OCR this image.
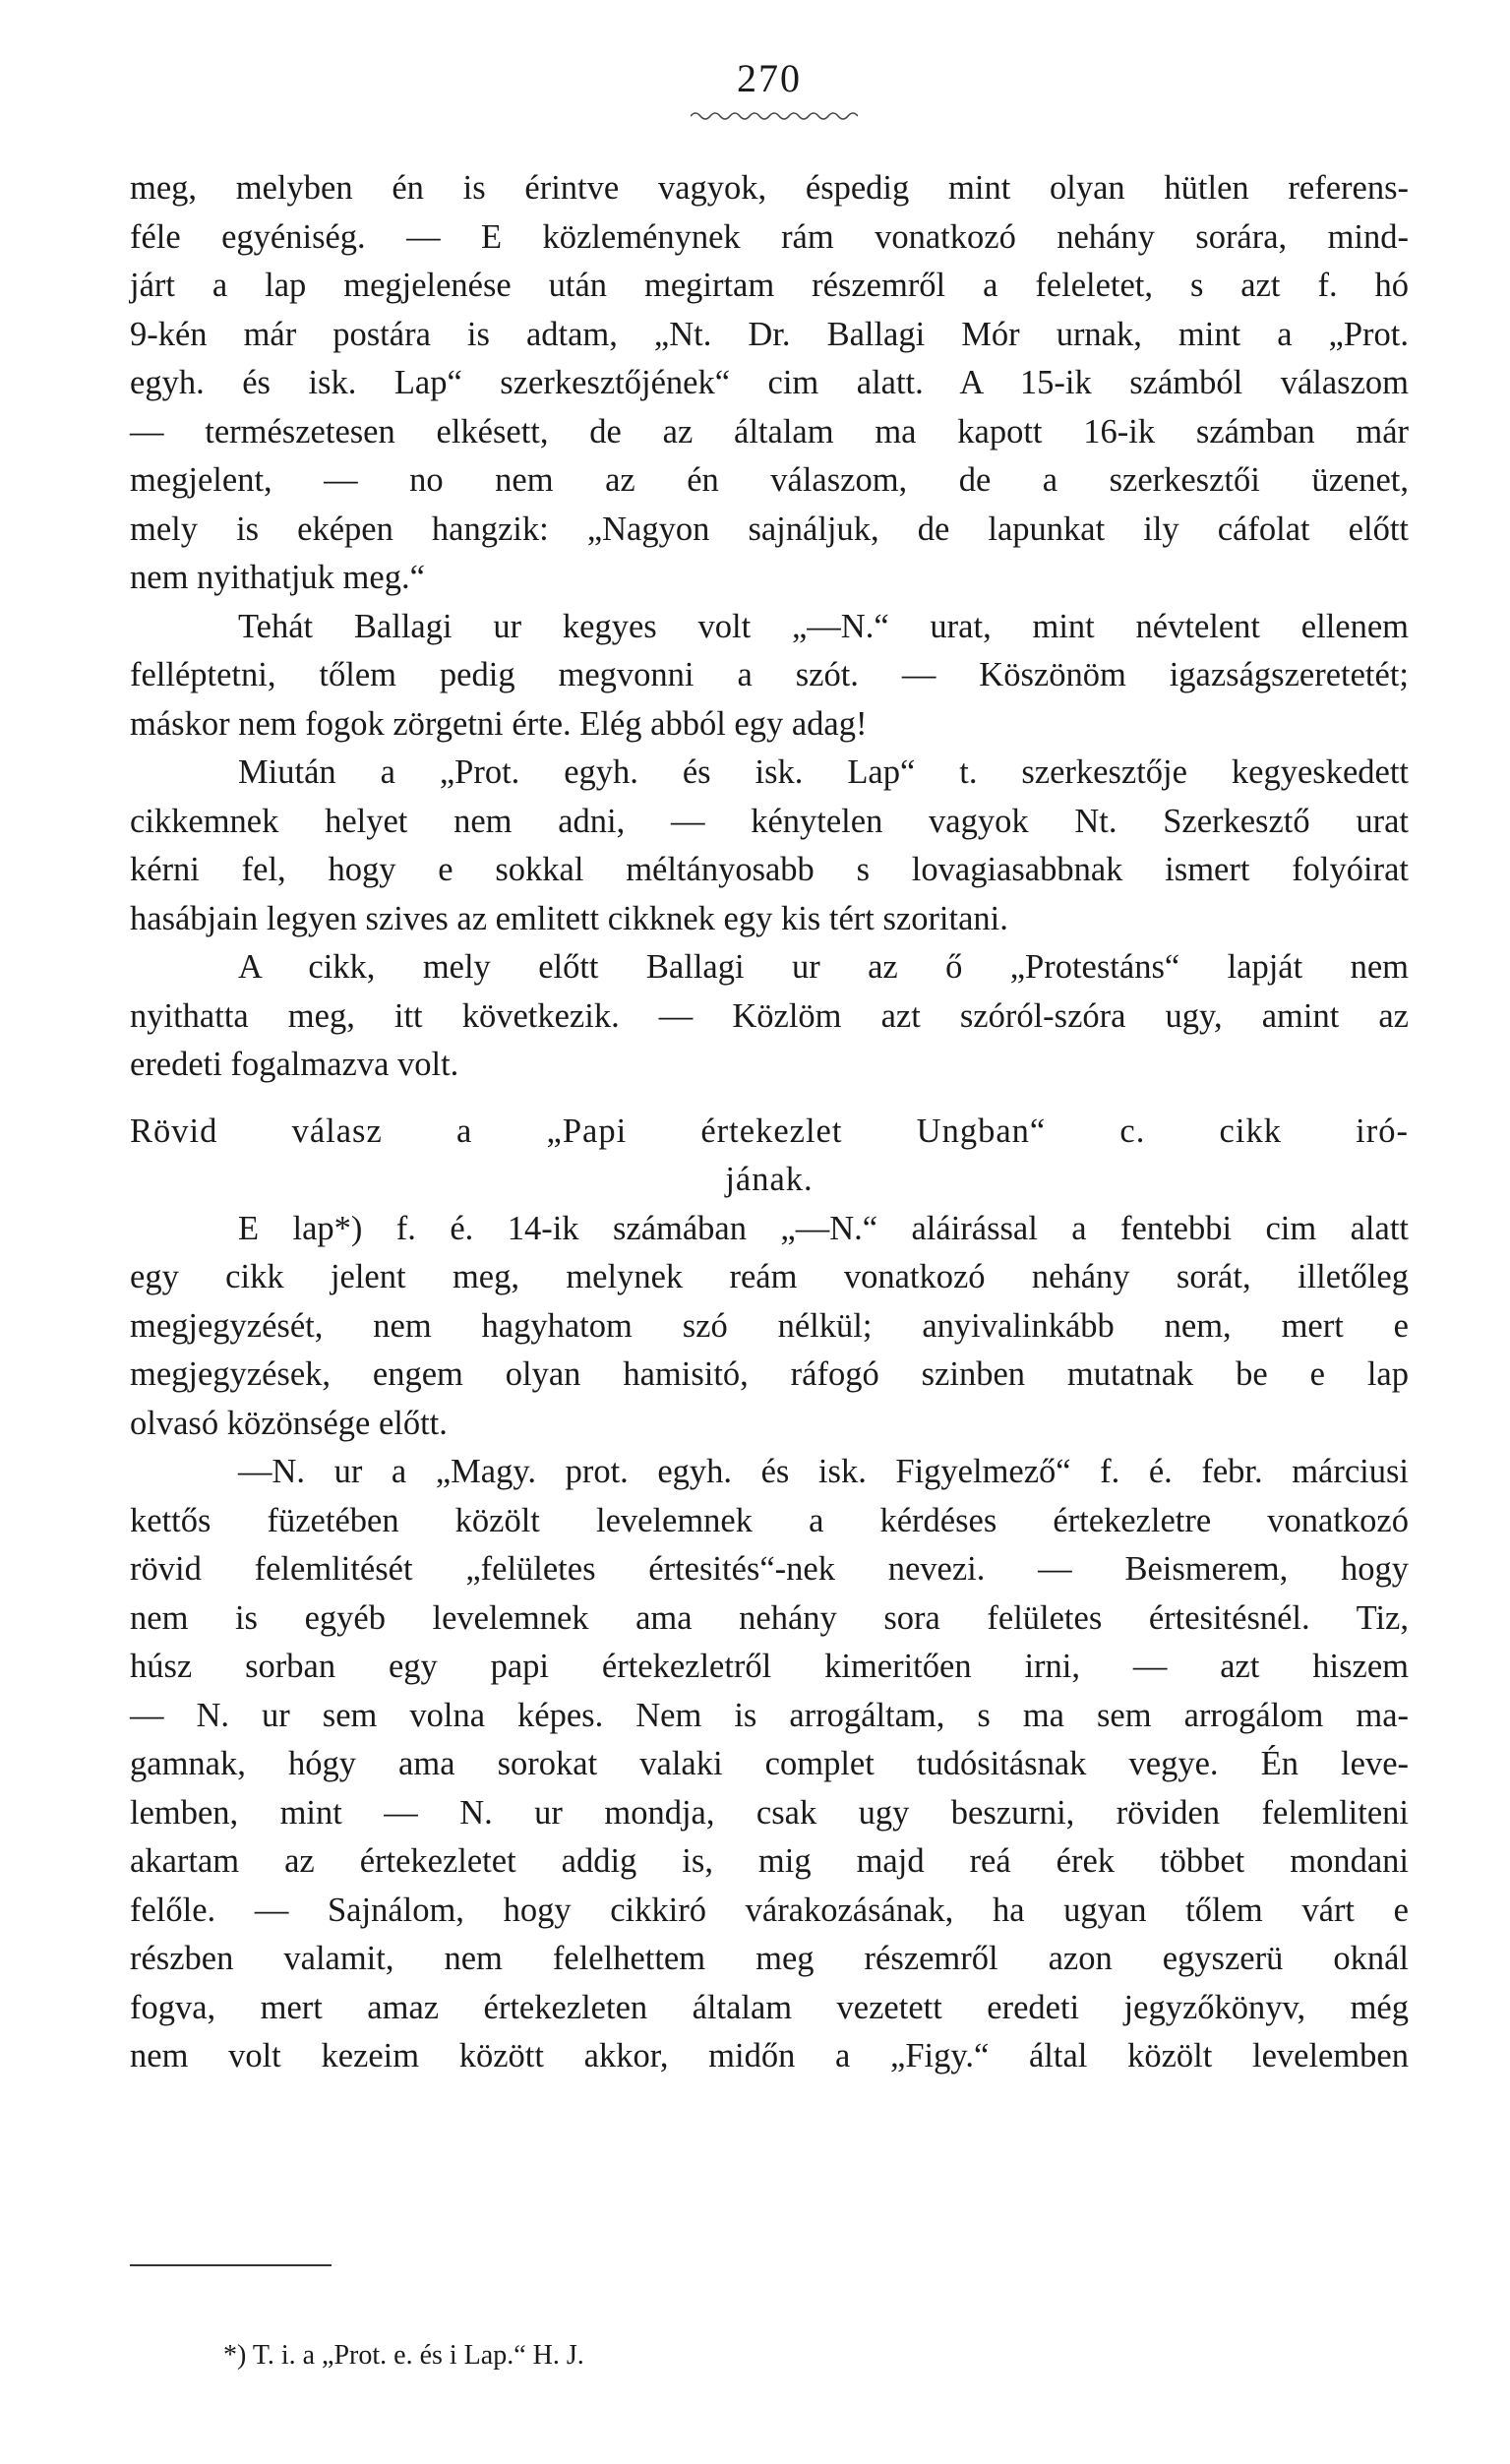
270
meg, melyben én is érintve vagyok, éspedig mint olyan hütlen referens-
féle egyéniség. — E közleménynek rám vonatkozó nehány sorára, mind-
járt a lap megjelenése után megirtam részemről a feleletet, s azt f. hó
9-kén már postára is adtam, „Nt. Dr. Ballagi Mór urnak, mint a „Prot.
egyh. és isk. Lap“ szerkesztőjének“ cim alatt. A 15-ik számból válaszom
— természetesen elkésett, de az általam ma kapott 16-ik számban már
megjelent, — no nem az én válaszom, de a szerkesztői üzenet,
mely is eképen hangzik: „Nagyon sajnáljuk, de lapunkat ily cáfolat előtt
nem nyithatjuk meg.“
Tehát Ballagi ur kegyes volt „—N.“ urat, mint névtelent ellenem
felléptetni, tőlem pedig megvonni a szót. — Köszönöm igazságszeretetét;
máskor nem fogok zörgetni érte. Elég abból egy adag!
Miután a „Prot. egyh. és isk. Lap“ t. szerkesztője kegyeskedett
cikkemnek helyet nem adni, — kénytelen vagyok Nt. Szerkesztő urat
kérni fel, hogy e sokkal méltányosabb s lovagiasabbnak ismert folyóirat
hasábjain legyen szives az emlitett cikknek egy kis tért szoritani.
A cikk, mely előtt Ballagi ur az ő „Protestáns“ lapját nem
nyithatta meg, itt következik. — Közlöm azt szóról-szóra ugy, amint az
eredeti fogalmazva volt.
Rövid válasz a „Papi értekezlet Ungban“ c. cikk iró-
jának.
E lap*) f. é. 14-ik számában „—N.“ aláirással a fentebbi cim alatt
egy cikk jelent meg, melynek reám vonatkozó nehány sorát, illetőleg
megjegyzését, nem hagyhatom szó nélkül; anyivalinkább nem, mert e
megjegyzések, engem olyan hamisitó, ráfogó szinben mutatnak be e lap
olvasó közönsége előtt.
—N. ur a „Magy. prot. egyh. és isk. Figyelmező“ f. é. febr. márciusi
kettős füzetében közölt levelemnek a kérdéses értekezletre vonatkozó
rövid felemlitését „felületes értesités“-nek nevezi. — Beismerem, hogy
nem is egyéb levelemnek ama nehány sora felületes értesitésnél. Tiz,
húsz sorban egy papi értekezletről kimeritően irni, — azt hiszem
— N. ur sem volna képes. Nem is arrogáltam, s ma sem arrogálom ma-
gamnak, hógy ama sorokat valaki complet tudósitásnak vegye. Én leve-
lemben, mint — N. ur mondja, csak ugy beszurni, röviden felemliteni
akartam az értekezletet addig is, mig majd reá érek többet mondani
felőle. — Sajnálom, hogy cikkiró várakozásának, ha ugyan tőlem várt e
részben valamit, nem felelhettem meg részemről azon egyszerü oknál
fogva, mert amaz értekezleten általam vezetett eredeti jegyzőkönyv, még
nem volt kezeim között akkor, midőn a „Figy.“ által közölt levelemben
*) T. i. a „Prot. e. és i Lap.“ H. J.
